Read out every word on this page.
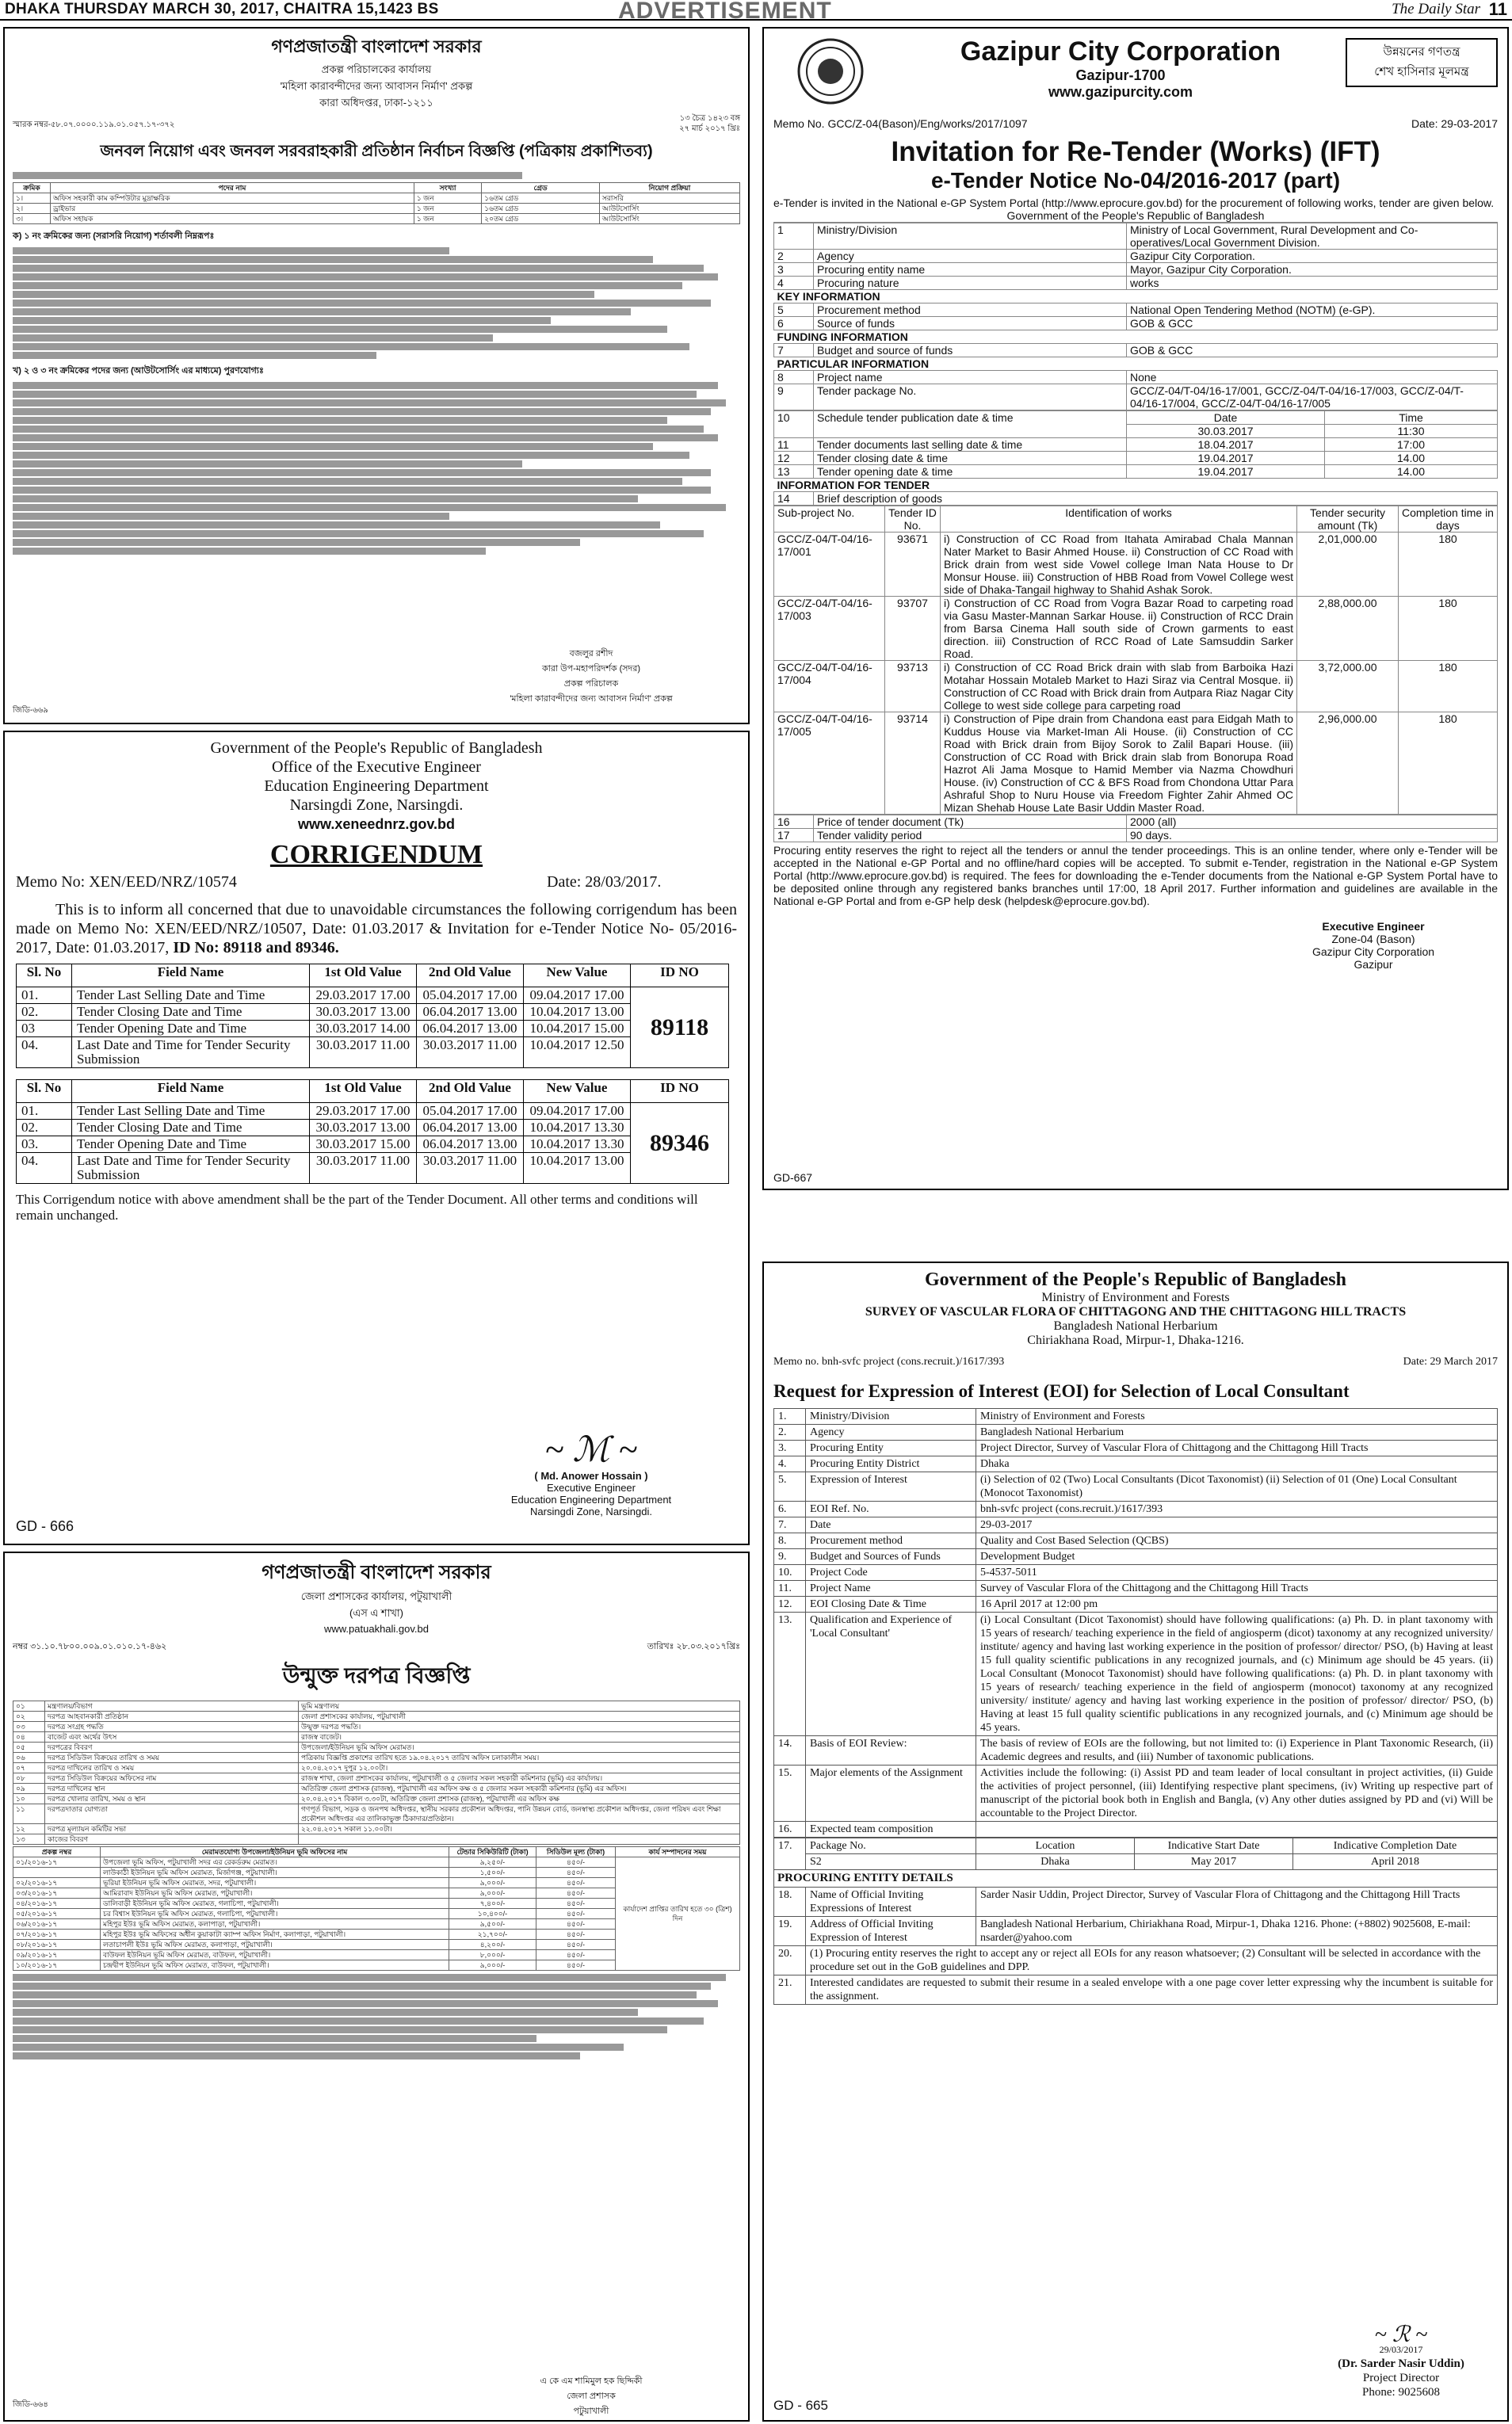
DHAKA THURSDAY MARCH 30, 2017, CHAITRA 15,1423 BS	ADVERTISEMENT	The Daily Star 11
গণপ্রজাতন্ত্রী বাংলাদেশ সরকার
প্রকল্প পরিচালকের কার্যালয়
'মহিলা কারাবন্দীদের জন্য আবাসন নির্মাণ' প্রকল্প
কারা অধিদপ্তর, ঢাকা-১২১১
স্মারক নম্বর-৫৮.০৭.০০০০.১১৯.০১.০৫৭.১৭-৩৭২
১৩ চৈত্র ১৪২৩ বঙ্গ
২৭ মার্চ ২০১৭ খ্রিঃ
জনবল নিয়োগ এবং জনবল সরবরাহকারী প্রতিষ্ঠান নির্বাচন বিজ্ঞপ্তি (পত্রিকায় প্রকাশিতব্য)
ক্রমিক	পদের নাম	সংখ্যা	গ্রেড	নিয়োগ প্রক্রিয়া
১।	অফিস সহকারী কাম কম্পিউটার মুদ্রাক্ষরিক	১ জন	১৬তম গ্রেড	সরাসরি
২।	ড্রাইভার	১ জন	১৬তম গ্রেড	আউটসোর্সিং
৩।	অফিস সহায়ক	১ জন	২০তম গ্রেড	আউটসোর্সিং
ক) ১ নং ক্রমিকের জন্য (সরাসরি নিয়োগ) শর্তাবলী নিম্নরূপঃ
খ) ২ ও ৩ নং ক্রমিকের পদের জন্য (আউটসোর্সিং এর মাধ্যমে) পুরণযোগ্যঃ
বজলুর রশীদ
কারা উপ-মহাপরিদর্শক (সদর)
প্রকল্প পরিচালক
'মহিলা কারাবন্দীদের জন্য আবাসন নির্মাণ' প্রকল্প
জিডি-৬৬৯
Gazipur City Corporation
Gazipur-1700
www.gazipurcity.com
উন্নয়নের গণতন্ত্র
শেখ হাসিনার মূলমন্ত্র
Memo No. GCC/Z-04(Bason)/Eng/works/2017/1097	Date: 29-03-2017
Invitation for Re-Tender (Works) (IFT)
e-Tender Notice No-04/2016-2017 (part)
e-Tender is invited in the National e-GP System Portal (http://www.eprocure.gov.bd) for the procurement of following works, tender are given below.
Government of the People's Republic of Bangladesh
1	Ministry/Division	Ministry of Local Government, Rural Development and Co-operatives/Local Government Division.
2	Agency	Gazipur City Corporation.
3	Procuring entity name	Mayor, Gazipur City Corporation.
4	Procuring nature	works
KEY INFORMATION		
5	Procurement method	National Open Tendering Method (NOTM) (e-GP).
6	Source of funds	GOB & GCC
FUNDING INFORMATION		
7	Budget and source of funds	GOB & GCC
PARTICULAR INFORMATION		
8	Project name	None
9	Tender package No.	GCC/Z-04/T-04/16-17/001, GCC/Z-04/T-04/16-17/003, GCC/Z-04/T-04/16-17/004, GCC/Z-04/T-04/16-17/005
10	Schedule tender publication date & time	Date	Time
		30.03.2017	11:30
11	Tender documents last selling date & time	18.04.2017	17:00
12	Tender closing date & time	19.04.2017	14.00
13	Tender opening date & time	19.04.2017	14.00
INFORMATION FOR TENDER			
14	Brief description of goods		
Sub-project No.	Tender ID No.	Identification of works	Tender security amount (Tk)	Completion time in days
GCC/Z-04/T-04/16-17/001	93671	i) Construction of CC Road from Itahata Amirabad Chala Mannan Nater Market to Basir Ahmed House. ii) Construction of CC Road with Brick drain from west side Vowel college Iman Nata House to Dr Monsur House. iii) Construction of HBB Road from Vowel College west side of Dhaka-Tangail highway to Shahid Ashak Sorok.	2,01,000.00	180
GCC/Z-04/T-04/16-17/003	93707	i) Construction of CC Road from Vogra Bazar Road to carpeting road via Gasu Master-Mannan Sarkar House. ii) Construction of RCC Drain from Barsa Cinema Hall south side of Crown garments to east direction. iii) Construction of RCC Road of Late Samsuddin Sarker Road.	2,88,000.00	180
GCC/Z-04/T-04/16-17/004	93713	i) Construction of CC Road Brick drain with slab from Barboika Hazi Motahar Hossain Motaleb Market to Hazi Siraz via Central Mosque. ii) Construction of CC Road with Brick drain from Autpara Riaz Nagar City College to west side college para carpeting road	3,72,000.00	180
GCC/Z-04/T-04/16-17/005	93714	i) Construction of Pipe drain from Chandona east para Eidgah Math to Kuddus House via Market-Iman Ali House. (ii) Construction of CC Road with Brick drain from Bijoy Sorok to Zalil Bapari House. (iii) Construction of CC Road with Brick drain slab from Bonorupa Road Hazrot Ali Jama Mosque to Hamid Member via Nazma Chowdhuri House. (iv) Construction of CC & BFS Road from Chondona Uttar Para Ashraful Shop to Nuru House via Freedom Fighter Zahir Ahmed OC Mizan Shehab House Late Basir Uddin Master Road.	2,96,000.00	180
16	Price of tender document (Tk)	2000 (all)
17	Tender validity period	90 days.
Procuring entity reserves the right to reject all the tenders or annul the tender proceedings. This is an online tender, where only e-Tender will be accepted in the National e-GP Portal and no offline/hard copies will be accepted. To submit e-Tender, registration in the National e-GP System Portal (http://www.eprocure.gov.bd) is required. The fees for downloading the e-Tender documents from the National e-GP System Portal have to be deposited online through any registered banks branches until 17:00, 18 April 2017. Further information and guidelines are available in the National e-GP Portal and from e-GP help desk (helpdesk@eprocure.gov.bd).
Executive Engineer
Zone-04 (Bason)
Gazipur City Corporation
Gazipur
GD-667
Government of the People's Republic of Bangladesh
Office of the Executive Engineer
Education Engineering Department
Narsingdi Zone, Narsingdi.
www.xeneednrz.gov.bd
CORRIGENDUM
Memo No: XEN/EED/NRZ/10574	Date: 28/03/2017.
This is to inform all concerned that due to unavoidable circumstances the following corrigendum has been made on Memo No: XEN/EED/NRZ/10507, Date: 01.03.2017 & Invitation for e-Tender Notice No- 05/2016-2017, Date: 01.03.2017, ID No: 89118 and 89346.
Sl. No	Field Name	1st Old Value	2nd Old Value	New Value	ID NO
01.	Tender Last Selling Date and Time	29.03.2017 17.00	05.04.2017 17.00	09.04.2017 17.00	89118
02.	Tender Closing Date and Time	30.03.2017 13.00	06.04.2017 13.00	10.04.2017 13.00	
03	Tender Opening Date and Time	30.03.2017 14.00	06.04.2017 13.00	10.04.2017 15.00	
04.	Last Date and Time for Tender Security Submission	30.03.2017 11.00	30.03.2017 11.00	10.04.2017 12.50	
Sl. No	Field Name	1st Old Value	2nd Old Value	New Value	ID NO
01.	Tender Last Selling Date and Time	29.03.2017 17.00	05.04.2017 17.00	09.04.2017 17.00	89346
02.	Tender Closing Date and Time	30.03.2017 13.00	06.04.2017 13.00	10.04.2017 13.30	
03.	Tender Opening Date and Time	30.03.2017 15.00	06.04.2017 13.00	10.04.2017 13.30	
04.	Last Date and Time for Tender Security Submission	30.03.2017 11.00	30.03.2017 11.00	10.04.2017 13.00	
This Corrigendum notice with above amendment shall be the part of the Tender Document. All other terms and conditions will remain unchanged.
~ ℳ ~
( Md. Anower Hossain )
Executive Engineer
Education Engineering Department
Narsingdi Zone, Narsingdi.
GD - 666
গণপ্রজাতন্ত্রী বাংলাদেশ সরকার
জেলা প্রশাসকের কার্যালয়, পটুয়াখালী
(এস এ শাখা)
www.patuakhali.gov.bd
নম্বর ৩১.১০.৭৮০০.০০৯.০১.০১০.১৭-৪৬২	তারিখঃ ২৮.০৩.২০১৭খ্রিঃ
উন্মুক্ত দরপত্র বিজ্ঞপ্তি
০১	মন্ত্রণালয়/বিভাগ	ভূমি মন্ত্রণালয়
০২	দরপত্র আহবানকারী প্রতিষ্ঠান	জেলা প্রশাসকের কার্যালয়, পটুয়াখালী
০৩	দরপত্র সংগ্রহ পদ্ধতি	উন্মুক্ত দরপত্র পদ্ধতি।
০৪	বাজেট এবং অর্থের উৎস	রাজস্ব বাজেট।
০৫	দরপত্রের বিবরণ	উপজেলা/ইউনিয়ন ভূমি অফিস মেরামত।
০৬	দরপত্র সিডিউল বিক্রয়ের তারিখ ও সময়	পত্রিকায় বিজ্ঞপ্তি প্রকাশের তারিখ হতে ১৯.০৪.২০১৭ তারিখ অফিস চলাকালীন সময়।
০৭	দরপত্র দাখিলের তারিখ ও সময়	২০.০৪.২০১৭ দুপুর ১২.০০টা।
০৮	দরপত্র সিডিউল বিক্রয়ের অফিসের নাম	রাজস্ব শাখা, জেলা প্রশাসকের কার্যালয়, পটুয়াখালী ও ৫ জেলার সকল সহকারী কমিশনার (ভূমি) এর কার্যালয়।
০৯	দরপত্র দাখিলের স্থান	অতিরিক্ত জেলা প্রশাসক (রাজস্ব), পটুয়াখালী এর অফিস কক্ষ ও ৫ জেলার সকল সহকারী কমিশনার (ভূমি) এর অফিস।
১০	দরপত্র খোলার তারিখ, সময় ও স্থান	২০.০৪.২০১৭ বিকাল ৩.৩০টা, অতিরিক্ত জেলা প্রশাসক (রাজস্ব), পটুয়াখালী এর অফিস কক্ষ
১১	দরপত্রদাতার যোগ্যতা	গণপূর্ত বিভাগ, সড়ক ও জনপথ অধিদপ্তর, স্থানীয় সরকার প্রকৌশল অধিদপ্তর, পানি উন্নয়ন বোর্ড, জনস্বাস্থ্য প্রকৌশল অধিদপ্তর, জেলা পরিষদ এবং শিক্ষা প্রকৌশল অধিদপ্তর এর তালিকাভুক্ত ঠিকাদার/প্রতিষ্ঠান।
১২	দরপত্র মূল্যায়ন কমিটির সভা	২২.০৪.২০১৭ সকাল ১১.০০টা।
১৩	কাজের বিবরণ	
প্রকল্প নম্বর	মেরামতযোগ্য উপজেলা/ইউনিয়ন ভূমি অফিসের নাম	টেন্ডার সিকিউরিটি (টাকা)	সিডিউল মূল্য (টাকা)	কার্য সম্পাদনের সময়
০১/২০১৬-১৭	উপজেলা ভূমি অফিস, পটুয়াখালী সদর এর রেকর্ডরুম মেরামত।	৯,২৫০/-	৪৫০/-	কার্যাদেশ প্রাপ্তির তারিখ হতে ৩০ (ত্রিশ) দিন
	লাউকাঠী ইউনিয়ন ভূমি অফিস মেরামত, মির্জাগঞ্জ, পটুয়াখালী।	১,৫০০/-	৪৫০/-	
০২/২০১৬-১৭	ভূরিয়া ইউনিয়ন ভূমি অফিস মেরামত, সদর, পটুয়াখালী।	৯,০০০/-	৪৫০/-	
০৩/২০১৬-১৭	আমিরাবাদ ইউনিয়ন ভূমি অফিস মেরামত, পটুয়াখালী।	৯,০০০/-	৪৫০/-	
০৪/২০১৬-১৭	ডালিবাড়ী ইউনিয়ন ভূমি অফিস মেরামত, গলাচিপা, পটুয়াখালী।	৭,৪০০/-	৪৫০/-	
০৫/২০১৬-১৭	চর বিশ্বাস ইউনিয়ন ভূমি অফিস মেরামত, গলাচিপা, পটুয়াখালী।	১০,৪০০/-	৪৫০/-	
০৬/২০১৬-১৭	মহিপুর ইউঃ ভূমি অফিস মেরামত, কলাপাড়া, পটুয়াখালী।	৯,৫০০/-	৪৫০/-	
০৭/২০১৬-১৭	মহিপুর ইউঃ ভূমি অফিসের অধীন কুয়াকাটা ক্যাম্প অফিস নির্মাণ, কলাপাড়া, পটুয়াখালী।	২১,৭০০/-	৪৫০/-	
০৮/২০১৬-১৭	লতাচাপলী ইউঃ ভূমি অফিস মেরামত, কলাপাড়া, পটুয়াখালী।	৪,২০০/-	৪৫০/-	
০৯/২০১৬-১৭	বাউফল ইউনিয়ন ভূমি অফিস মেরামত, বাউফল, পটুয়াখালী।	৮,০০০/-	৪৫০/-	
১০/২০১৬-১৭	চন্দ্রদ্বীপ ইউনিয়ন ভূমি অফিস মেরামত, বাউফল, পটুয়াখালী।	৯,০০০/-	৪৫০/-	
এ কে এম শামিমুল হক ছিদ্দিকী
জেলা প্রশাসক
পটুয়াখালী
জিডি-৬৬৪
Government of the People's Republic of Bangladesh
Ministry of Environment and Forests
SURVEY OF VASCULAR FLORA OF CHITTAGONG AND THE CHITTAGONG HILL TRACTS
Bangladesh National Herbarium
Chiriakhana Road, Mirpur-1, Dhaka-1216.
Memo no. bnh-svfc project (cons.recruit.)/1617/393	Date: 29 March 2017
Request for Expression of Interest (EOI) for Selection of Local Consultant
1.	Ministry/Division	Ministry of Environment and Forests
2.	Agency	Bangladesh National Herbarium
3.	Procuring Entity	Project Director, Survey of Vascular Flora of Chittagong and the Chittagong Hill Tracts
4.	Procuring Entity District	Dhaka
5.	Expression of Interest	(i) Selection of 02 (Two) Local Consultants (Dicot Taxonomist) (ii) Selection of 01 (One) Local Consultant (Monocot Taxonomist)
6.	EOI Ref. No.	bnh-svfc project (cons.recruit.)/1617/393
7.	Date	29-03-2017
8.	Procurement method	Quality and Cost Based Selection (QCBS)
9.	Budget and Sources of Funds	Development Budget
10.	Project Code	5-4537-5011
11.	Project Name	Survey of Vascular Flora of the Chittagong and the Chittagong Hill Tracts
12.	EOI Closing Date & Time	16 April 2017 at 12:00 pm
13.	Qualification and Experience of 'Local Consultant'	(i) Local Consultant (Dicot Taxonomist) should have following qualifications: (a) Ph. D. in plant taxonomy with 15 years of research/ teaching experience in the field of angiosperm (dicot) taxonomy at any recognized university/ institute/ agency and having last working experience in the position of professor/ director/ PSO, (b) Having at least 15 full quality scientific publications in any recognized journals, and (c) Minimum age should be 45 years. (ii) Local Consultant (Monocot Taxonomist) should have following qualifications: (a) Ph. D. in plant taxonomy with 15 years of research/ teaching experience in the field of angiosperm (monocot) taxonomy at any recognized university/ institute/ agency and having last working experience in the position of professor/ director/ PSO, (b) Having at least 15 full quality scientific publications in any recognized journals, and (c) Minimum age should be 45 years.
14.	Basis of EOI Review:	The basis of review of EOIs are the following, but not limited to: (i) Experience in Plant Taxonomic Research, (ii) Academic degrees and results, and (iii) Number of taxonomic publications.
15.	Major elements of the Assignment	Activities include the following: (i) Assist PD and team leader of local consultant in project activities, (ii) Guide the activities of project personnel, (iii) Identifying respective plant specimens, (iv) Writing up respective part of manuscript of the pictorial book both in English and Bangla, (v) Any other duties assigned by PD and (vi) Will be accountable to the Project Director.
16.	Expected team composition	
17.	Package No.	Location	Indicative Start Date	Indicative Completion Date
	S2	Dhaka	May 2017	April 2018
PROCURING ENTITY DETAILS
18.	Name of Official Inviting Expressions of Interest	Sarder Nasir Uddin, Project Director, Survey of Vascular Flora of Chittagong and the Chittagong Hill Tracts
19.	Address of Official Inviting Expression of Interest	Bangladesh National Herbarium, Chiriakhana Road, Mirpur-1, Dhaka 1216. Phone: (+8802) 9025608, E-mail: nsarder@yahoo.com
20.	(1) Procuring entity reserves the right to accept any or reject all EOIs for any reason whatsoever; (2) Consultant will be selected in accordance with the procedure set out in the GoB guidelines and DPP.	
21.	Interested candidates are requested to submit their resume in a sealed envelope with a one page cover letter expressing why the incumbent is suitable for the assignment.	
~ ℛ ~
29/03/2017
(Dr. Sarder Nasir Uddin)
Project Director
Phone: 9025608
GD - 665
